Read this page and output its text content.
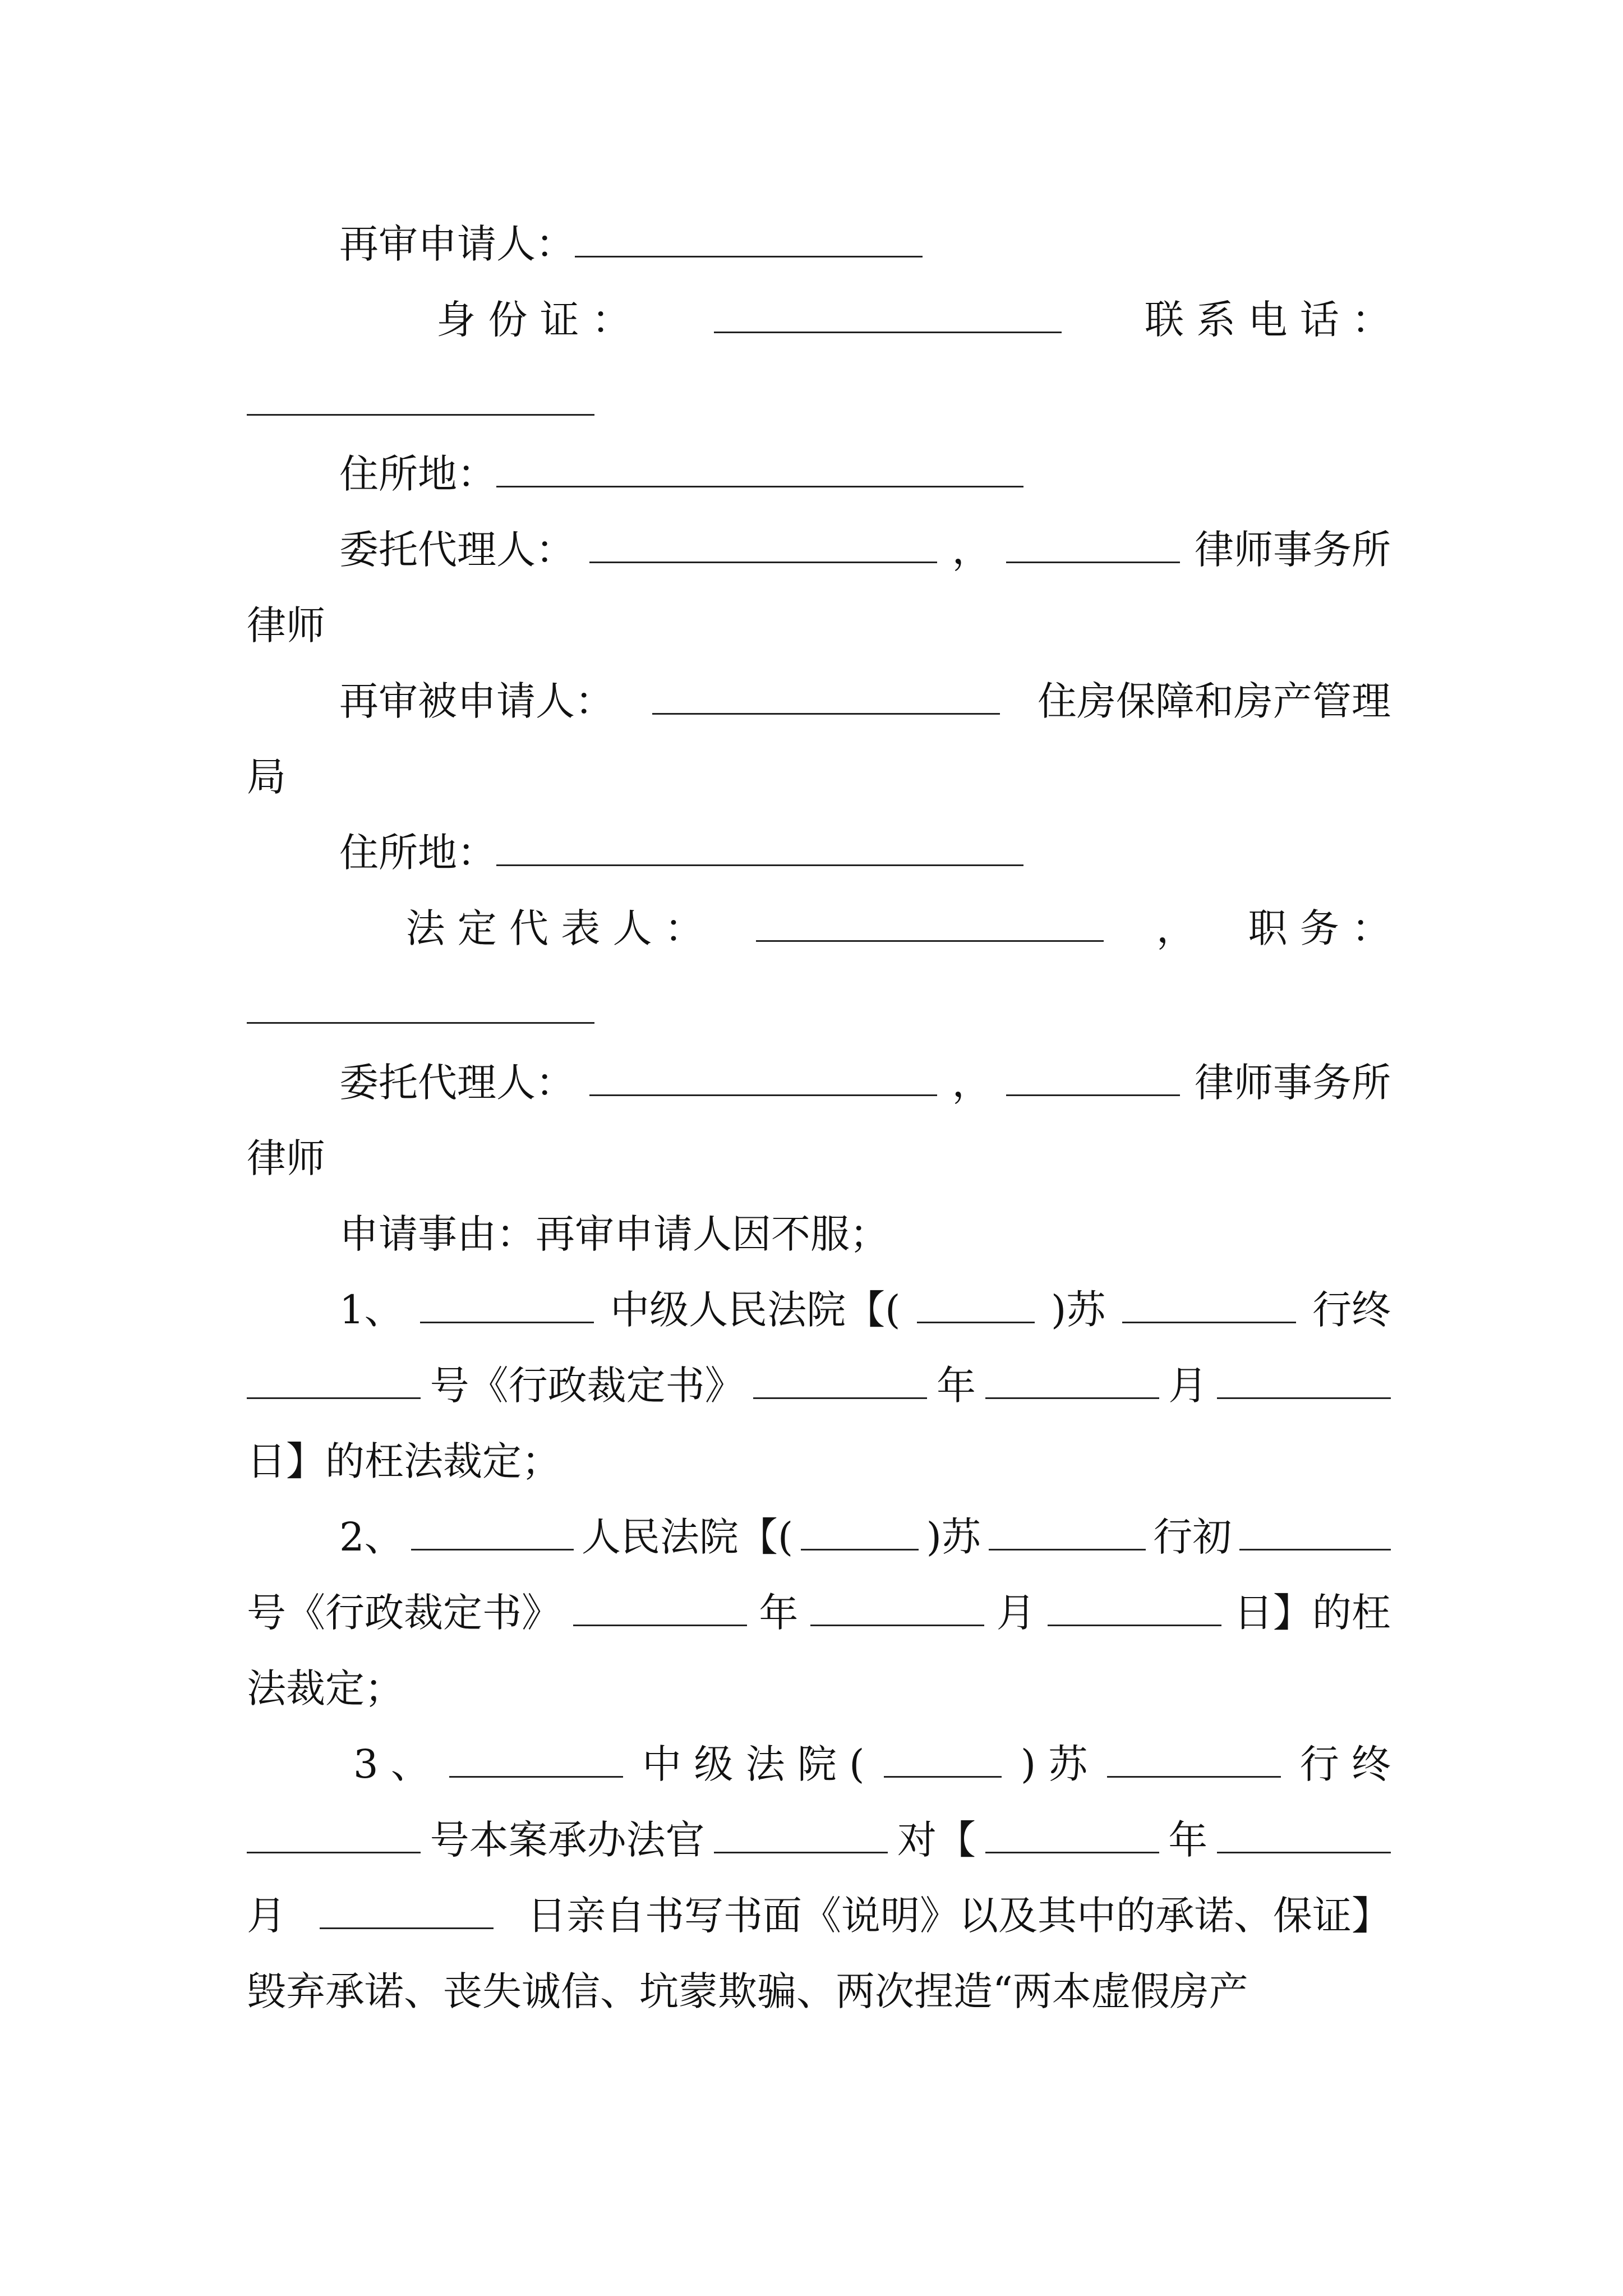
再审申请人：
身 份 证 ：	联 系 电 话 ：
住所地：
委托代理人：	，	律师事务所
律师
再审被申请人：	住房保障和房产管理
局
住所地：
法 定 代 表 人 ：	， 职 务 ：
委托代理人：	，	律师事务所
律师
申请事由：再审申请人因不服；
1、	中级人民法院【(	)苏	行终
号《行政裁定书》	年	月
日】的枉法裁定；
2、	人民法院【(	)苏	行初
号《行政裁定书》	年	月	日】的枉
法裁定；
3 、	中 级 法 院 (	) 苏	行 终
号本案承办法官	对【	年
月	日亲自书写书面《说明》以及其中的承诺、保证】
毁弃承诺、丧失诚信、坑蒙欺骗、两次捏造“两本虚假房产
